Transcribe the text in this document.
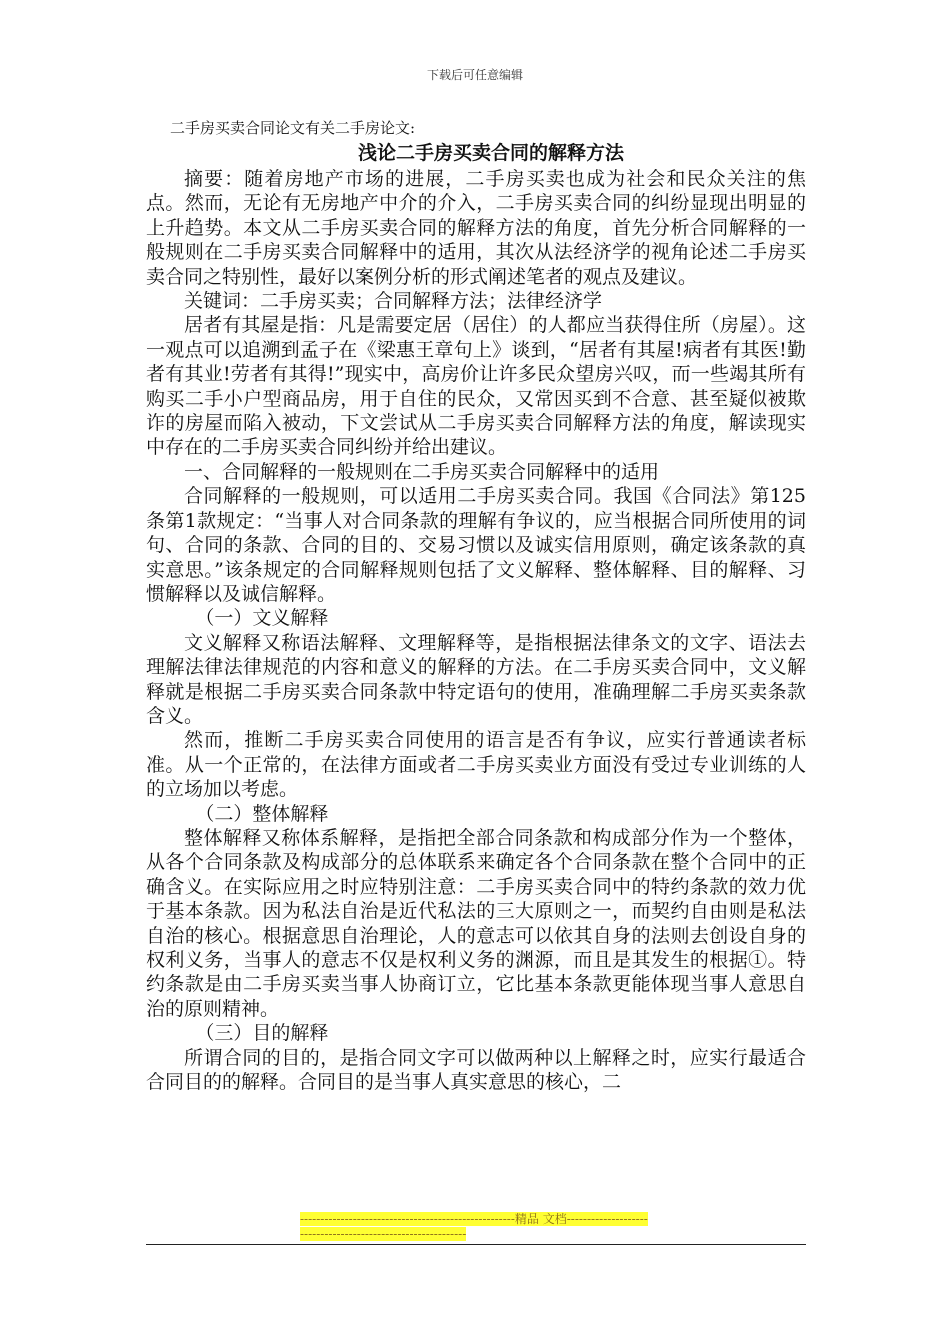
下载后可任意编辑
二手房买卖合同论文有关二手房论文:
浅论二手房买卖合同的解释方法

摘要：随着房地产市场的进展，二手房买卖也成为社会和民众关注的焦点。然而，无论有无房地产中介的介入，二手房买卖合同的纠纷显现出明显的上升趋势。本文从二手房买卖合同的解释方法的角度，首先分析合同解释的一般规则在二手房买卖合同解释中的适用，其次从法经济学的视角论述二手房买卖合同之特别性，最好以案例分析的形式阐述笔者的观点及建议。

关键词：二手房买卖；合同解释方法；法律经济学

居者有其屋是指：凡是需要定居（居住）的人都应当获得住所（房屋）。这一观点可以追溯到孟子在《梁惠王章句上》谈到，“居者有其屋!病者有其医!勤者有其业!劳者有其得!”现实中，高房价让许多民众望房兴叹，而一些竭其所有购买二手小户型商品房，用于自住的民众，又常因买到不合意、甚至疑似被欺诈的房屋而陷入被动，下文尝试从二手房买卖合同解释方法的角度，解读现实中存在的二手房买卖合同纠纷并给出建议。

一、合同解释的一般规则在二手房买卖合同解释中的适用

合同解释的一般规则，可以适用二手房买卖合同。我国《合同法》第125条第1款规定：“当事人对合同条款的理解有争议的，应当根据合同所使用的词句、合同的条款、合同的目的、交易习惯以及诚实信用原则，确定该条款的真实意思。”该条规定的合同解释规则包括了文义解释、整体解释、目的解释、习惯解释以及诚信解释。

（一）文义解释

文义解释又称语法解释、文理解释等，是指根据法律条文的文字、语法去理解法律法律规范的内容和意义的解释的方法。在二手房买卖合同中，文义解释就是根据二手房买卖合同条款中特定语句的使用，准确理解二手房买卖条款含义。

然而，推断二手房买卖合同使用的语言是否有争议，应实行普通读者标准。从一个正常的，在法律方面或者二手房买卖业方面没有受过专业训练的人的立场加以考虑。

（二）整体解释

整体解释又称体系解释，是指把全部合同条款和构成部分作为一个整体，从各个合同条款及构成部分的总体联系来确定各个合同条款在整个合同中的正确含义。在实际应用之时应特别注意：二手房买卖合同中的特约条款的效力优于基本条款。因为私法自治是近代私法的三大原则之一，而契约自由则是私法自治的核心。根据意思自治理论，人的意志可以依其自身的法则去创设自身的权利义务，当事人的意志不仅是权利义务的渊源，而且是其发生的根据①。特约条款是由二手房买卖当事人协商订立，它比基本条款更能体现当事人意思自治的原则精神。

（三）目的解释

所谓合同的目的，是指合同文字可以做两种以上解释之时，应实行最适合合同目的的解释。合同目的是当事人真实意思的核心，二

-----------------------------------------------------精品 文档-------------------------------------------------------------
